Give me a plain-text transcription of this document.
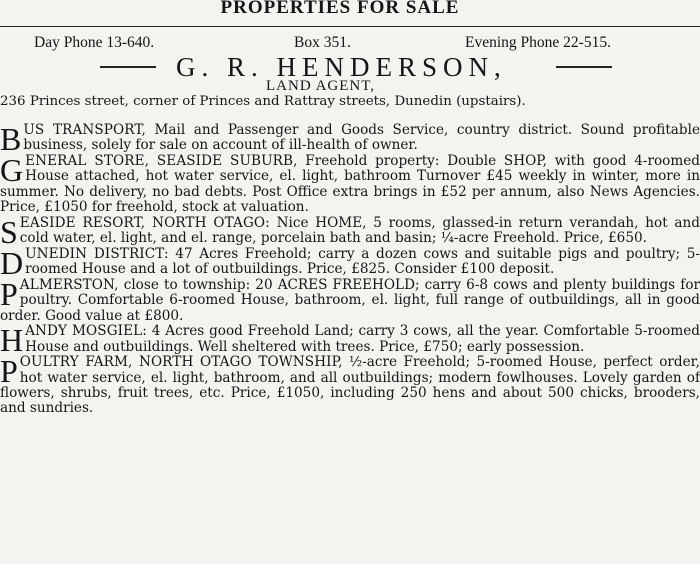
PROPERTIES FOR SALE
Day Phone 13-640.	Box 351.	Evening Phone 22-515.
G. R. HENDERSON,
LAND AGENT,
236 Princes street, corner of Princes and Rattray streets, Dunedin (upstairs).

BUS TRANSPORT, Mail and Passenger and Goods Service, country district. Sound profitable business, solely for sale on account of ill-health of owner.

GENERAL STORE, SEASIDE SUBURB, Freehold property: Double SHOP, with good 4-roomed House attached, hot water service, el. light, bathroom Turnover £45 weekly in winter, more in summer. No delivery, no bad debts. Post Office extra brings in £52 per annum, also News Agencies. Price, £1050 for freehold, stock at valuation.

SEASIDE RESORT, NORTH OTAGO: Nice HOME, 5 rooms, glassed-in return verandah, hot and cold water, el. light, and el. range, porcelain bath and basin; ¼-acre Freehold. Price, £650.

DUNEDIN DISTRICT: 47 Acres Freehold; carry a dozen cows and suitable pigs and poultry; 5-roomed House and a lot of outbuildings. Price, £825. Consider £100 deposit.

PALMERSTON, close to township: 20 ACRES FREEHOLD; carry 6-8 cows and plenty buildings for poultry. Comfortable 6-roomed House, bathroom, el. light, full range of outbuildings, all in good order. Good value at £800.

HANDY MOSGIEL: 4 Acres good Freehold Land; carry 3 cows, all the year. Comfortable 5-roomed House and outbuildings. Well sheltered with trees. Price, £750; early possession.

POULTRY FARM, NORTH OTAGO TOWNSHIP, ½-acre Freehold; 5-roomed House, perfect order, hot water service, el. light, bathroom, and all outbuildings; modern fowlhouses. Lovely garden of flowers, shrubs, fruit trees, etc. Price, £1050, including 250 hens and about 500 chicks, brooders, and sundries.
